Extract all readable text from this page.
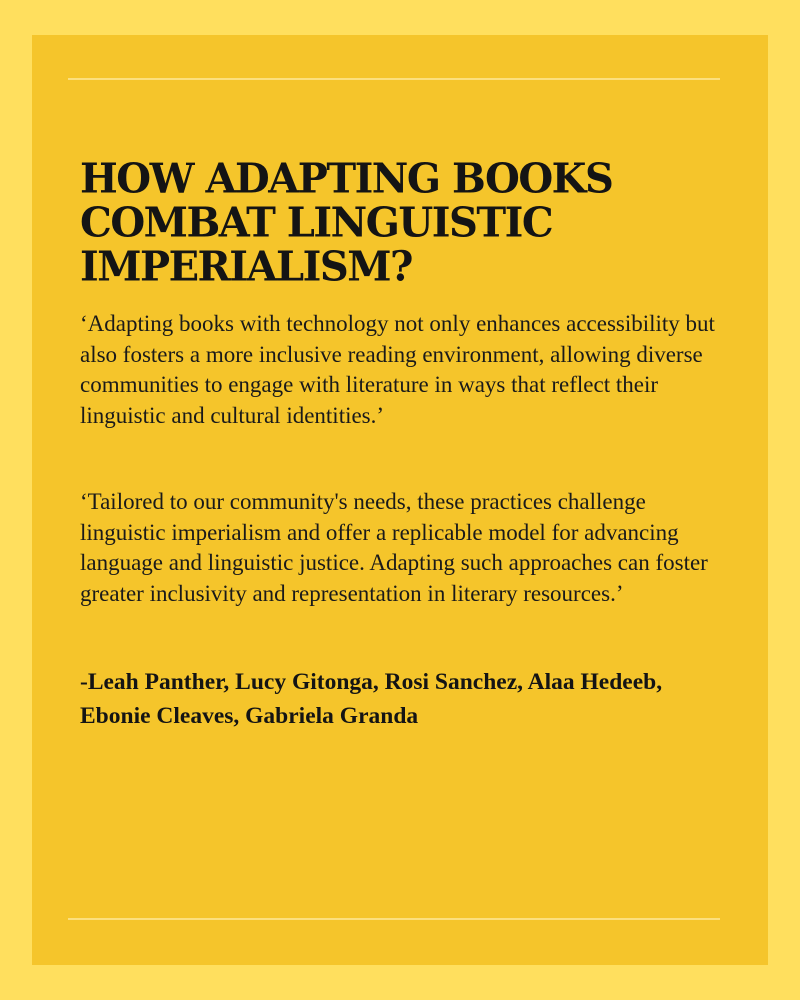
HOW ADAPTING BOOKS COMBAT LINGUISTIC IMPERIALISM?

‘Adapting books with technology not only enhances accessibility but also fosters a more inclusive reading environment, allowing diverse communities to engage with literature in ways that reflect their linguistic and cultural identities.’

‘Tailored to our community's needs, these practices challenge linguistic imperialism and offer a replicable model for advancing language and linguistic justice. Adapting such approaches can foster greater inclusivity and representation in literary resources.’

-Leah Panther, Lucy Gitonga, Rosi Sanchez, Alaa Hedeeb, Ebonie Cleaves, Gabriela Granda
